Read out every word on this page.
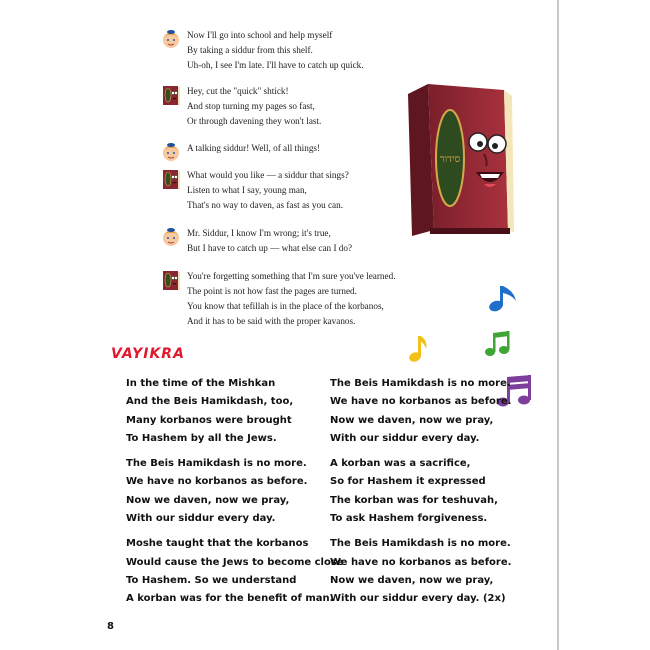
Now I'll go into school and help myself
By taking a siddur from this shelf.
Uh-oh, I see I'm late. I'll have to catch up quick.
Hey, cut the "quick" shtick!
And stop turning my pages so fast,
Or through davening they won't last.
A talking siddur! Well, of all things!
What would you like — a siddur that sings?
Listen to what I say, young man,
That's no way to daven, as fast as you can.
Mr. Siddur, I know I'm wrong; it's true,
But I have to catch up — what else can I do?
You're forgetting something that I'm sure you've learned.
The point is not how fast the pages are turned.
You know that tefillah is in the place of the korbanos,
And it has to be said with the proper kavanos.
סידור
VAYIKRA
In the time of the Mishkan
And the Beis Hamikdash, too,
Many korbanos were brought
To Hashem by all the Jews.
The Beis Hamikdash is no more.
We have no korbanos as before.
Now we daven, now we pray,
With our siddur every day.
Moshe taught that the korbanos
Would cause the Jews to become close
To Hashem. So we understand
A korban was for the benefit of man.
The Beis Hamikdash is no more.
We have no korbanos as before.
Now we daven, now we pray,
With our siddur every day.
A korban was a sacrifice,
So for Hashem it expressed
The korban was for teshuvah,
To ask Hashem forgiveness.
The Beis Hamikdash is no more.
We have no korbanos as before.
Now we daven, now we pray,
With our siddur every day. (2x)
8
